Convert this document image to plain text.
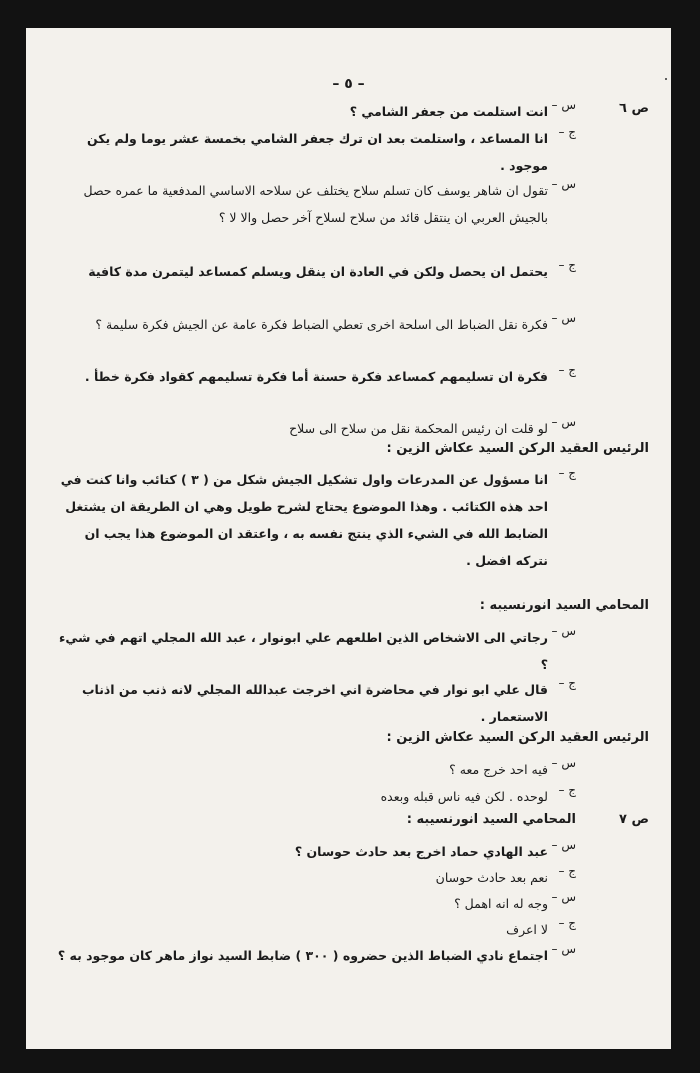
– ٥ –
ص ٦
س –
انت استلمت من جعفر الشامي ؟
ج –
انا المساعد ، واستلمت بعد ان ترك جعفر الشامي بخمسة عشر يوما ولم يكن موجود .
س –
تقول ان شاهر يوسف كان تسلم سلاح يختلف عن سلاحه الاساسي المدفعية ما عمره حصل بالجيش العربي ان ينتقل قائد من سلاح لسلاح آخر حصل والا لا ؟
ج –
يحتمل ان يحصل ولكن في العادة ان ينقل ويسلم كمساعد ليتمرن مدة كافية
س –
فكرة نقل الضباط الى اسلحة اخرى تعطي الضباط فكرة عامة عن الجيش فكرة سليمة ؟
ج –
فكرة ان تسليمهم كمساعد فكرة حسنة أما فكرة تسليمهم كقواد فكرة خطأ .
س –
لو قلت ان رئيس المحكمة نقل من سلاح الى سلاح
الرئيس العقيد الركن السيد عكاش الزين :
ج –
انا مسؤول عن المدرعات واول تشكيل الجيش شكل من ( ٣ ) كتائب وانا كنت في احد هذه الكتائب . وهذا الموضوع يحتاج لشرح طويل وهي ان الطريقة ان يشتغل الضابط الله في الشيء الذي ينتج نفسه به ، واعتقد ان الموضوع هذا يجب ان نتركه افضل .
المحامي السيد انورنسيبه :
س –
رجاتي الى الاشخاص الذين اطلعهم علي ابونوار ، عبد الله المجلي اتهم في شيء ؟
ج –
قال علي ابو نوار في محاضرة اني اخرجت عبدالله المجلي لانه ذنب من اذناب الاستعمار .
الرئيس العقيد الركن السيد عكاش الزين :
س –
فيه احد خرج معه ؟
ج –
لوحده . لكن فيه ناس قبله وبعده
ص ٧
المحامي السيد انورنسيبه :
س –
عبد الهادي حماد اخرج بعد حادث حوسان ؟
ج –
نعم بعد حادث حوسان
س –
وجه له انه اهمل ؟
ج –
لا اعرف
س –
اجتماع نادي الضباط الذين حضروه ( ٣٠٠ ) ضابط السيد نواز ماهر كان موجود به ؟
